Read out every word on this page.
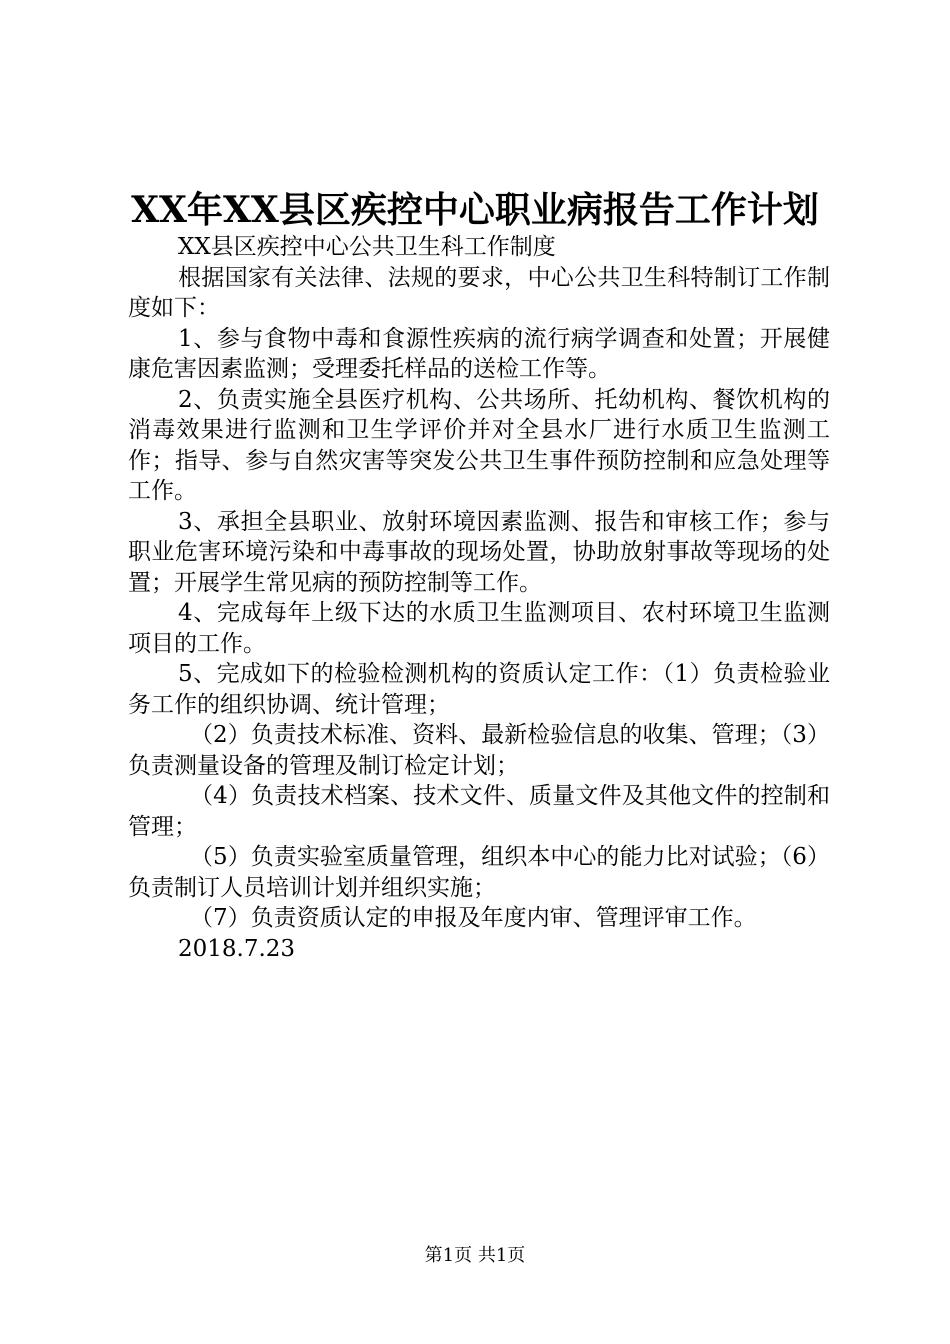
XX年XX县区疾控中心职业病报告工作计划

XX县区疾控中心公共卫生科工作制度

根据国家有关法律、法规的要求，中心公共卫生科特制订工作制度如下：

1、参与食物中毒和食源性疾病的流行病学调查和处置；开展健康危害因素监测；受理委托样品的送检工作等。

2、负责实施全县医疗机构、公共场所、托幼机构、餐饮机构的消毒效果进行监测和卫生学评价并对全县水厂进行水质卫生监测工作；指导、参与自然灾害等突发公共卫生事件预防控制和应急处理等工作。

3、承担全县职业、放射环境因素监测、报告和审核工作；参与职业危害环境污染和中毒事故的现场处置，协助放射事故等现场的处置；开展学生常见病的预防控制等工作。

4、完成每年上级下达的水质卫生监测项目、农村环境卫生监测项目的工作。

5、完成如下的检验检测机构的资质认定工作：（1）负责检验业务工作的组织协调、统计管理；

（2）负责技术标准、资料、最新检验信息的收集、管理；（3）负责测量设备的管理及制订检定计划；

（4）负责技术档案、技术文件、质量文件及其他文件的控制和管理；

（5）负责实验室质量管理，组织本中心的能力比对试验；（6）负责制订人员培训计划并组织实施；

（7）负责资质认定的申报及年度内审、管理评审工作。

2018.7.23

第1页 共1页
